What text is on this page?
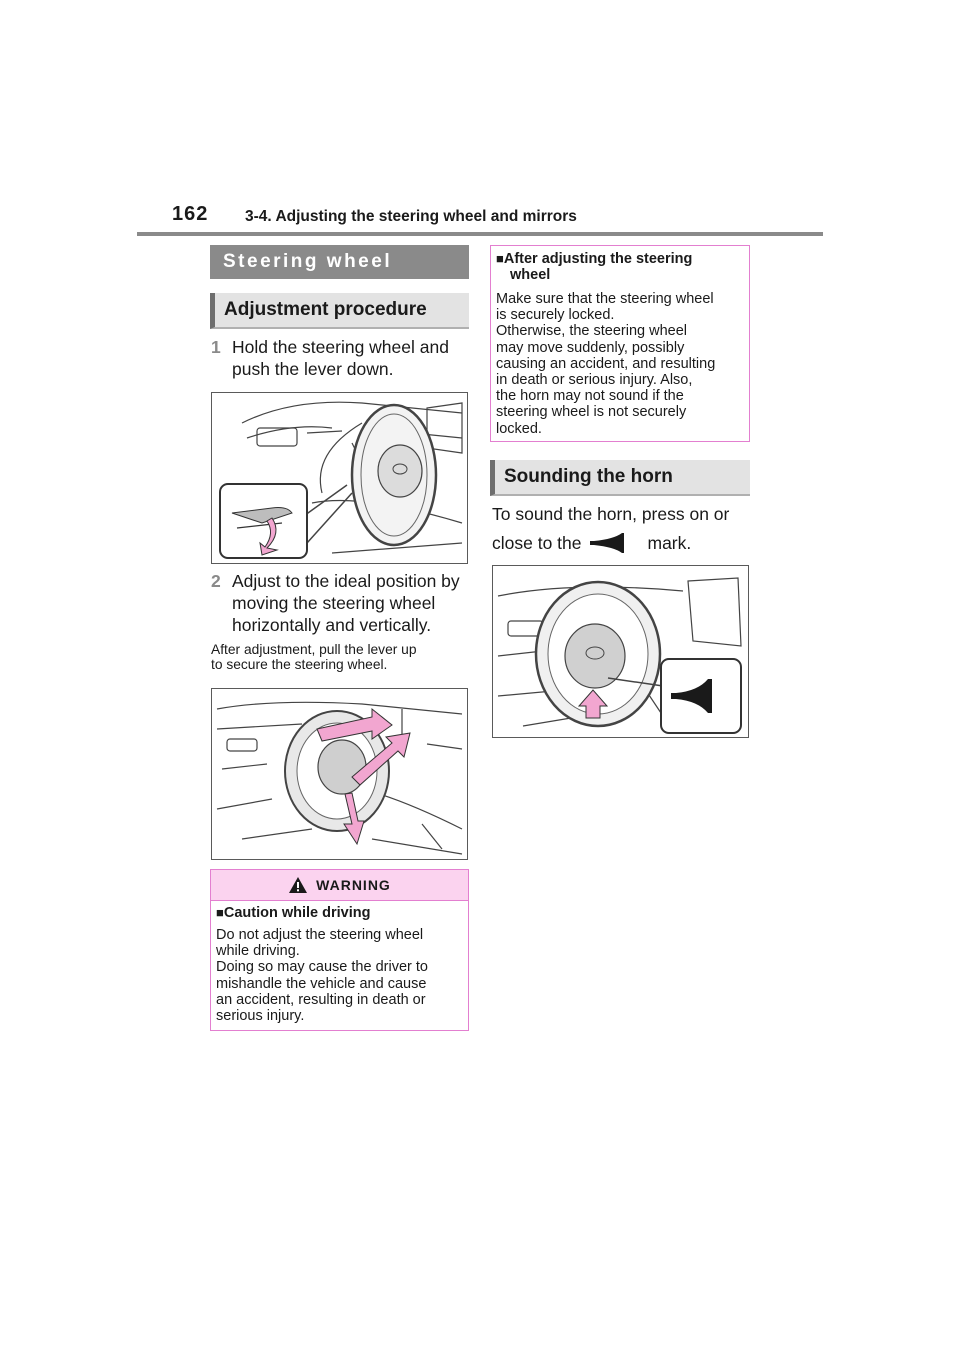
162 3-4. Adjusting the steering wheel and mirrors
Steering wheel
Adjustment procedure
1 Hold the steering wheel and
push the lever down.
2 Adjust to the ideal position by
moving the steering wheel
horizontally and vertically.
After adjustment, pull the lever up
to secure the steering wheel.
WARNING
■Caution while driving
Do not adjust the steering wheel
while driving.
Doing so may cause the driver to
mishandle the vehicle and cause
an accident, resulting in death or
serious injury.
■After adjusting the steering
wheel
Make sure that the steering wheel
is securely locked.
Otherwise, the steering wheel
may move suddenly, possibly
causing an accident, and resulting
in death or serious injury. Also,
the horn may not sound if the
steering wheel is not securely
locked.
Sounding the horn
To sound the horn, press on or
close to the	mark.
